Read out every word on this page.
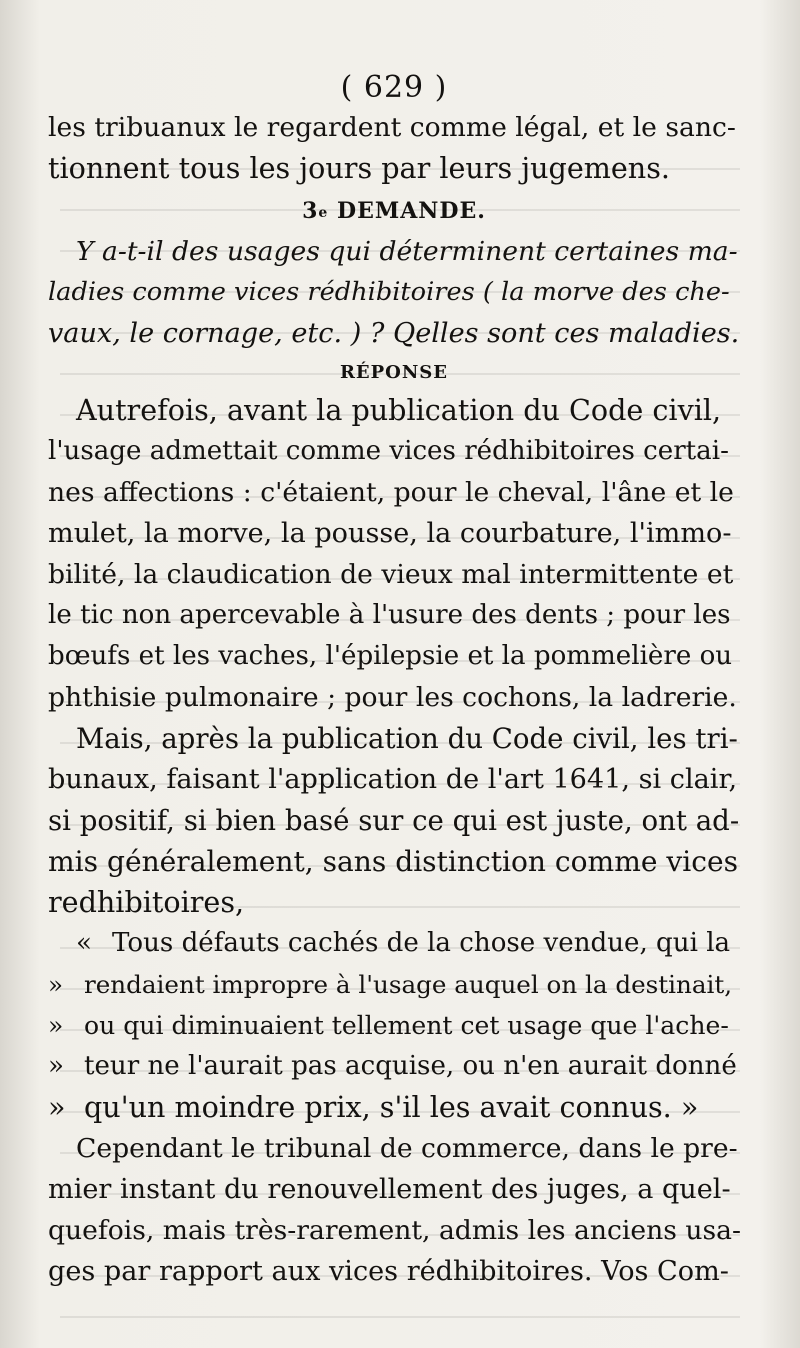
( 629 )
les tribuanux le regardent comme légal, et le sanc-
tionnent tous les jours par leurs jugemens.
3e DEMANDE.
Y a-t-il des usages qui déterminent certaines ma-
ladies comme vices rédhibitoires ( la morve des che-
vaux, le cornage, etc. ) ? Qelles sont ces maladies.
RÉPONSE
Autrefois, avant la publication du Code civil,
l'usage admettait comme vices rédhibitoires certai-
nes affections : c'étaient, pour le cheval, l'âne et le
mulet, la morve, la pousse, la courbature, l'immo-
bilité, la claudication de vieux mal intermittente et
le tic non apercevable à l'usure des dents ; pour les
bœufs et les vaches, l'épilepsie et la pommelière ou
phthisie pulmonaire ; pour les cochons, la ladrerie.
Mais, après la publication du Code civil, les tri-
bunaux, faisant l'application de l'art 1641, si clair,
si positif, si bien basé sur ce qui est juste, ont ad-
mis généralement, sans distinction comme vices
redhibitoires,
« Tous défauts cachés de la chose vendue, qui la
» rendaient impropre à l'usage auquel on la destinait,
» ou qui diminuaient tellement cet usage que l'ache-
» teur ne l'aurait pas acquise, ou n'en aurait donné
» qu'un moindre prix, s'il les avait connus. »
Cependant le tribunal de commerce, dans le pre-
mier instant du renouvellement des juges, a quel-
quefois, mais très-rarement, admis les anciens usa-
ges par rapport aux vices rédhibitoires. Vos Com-
